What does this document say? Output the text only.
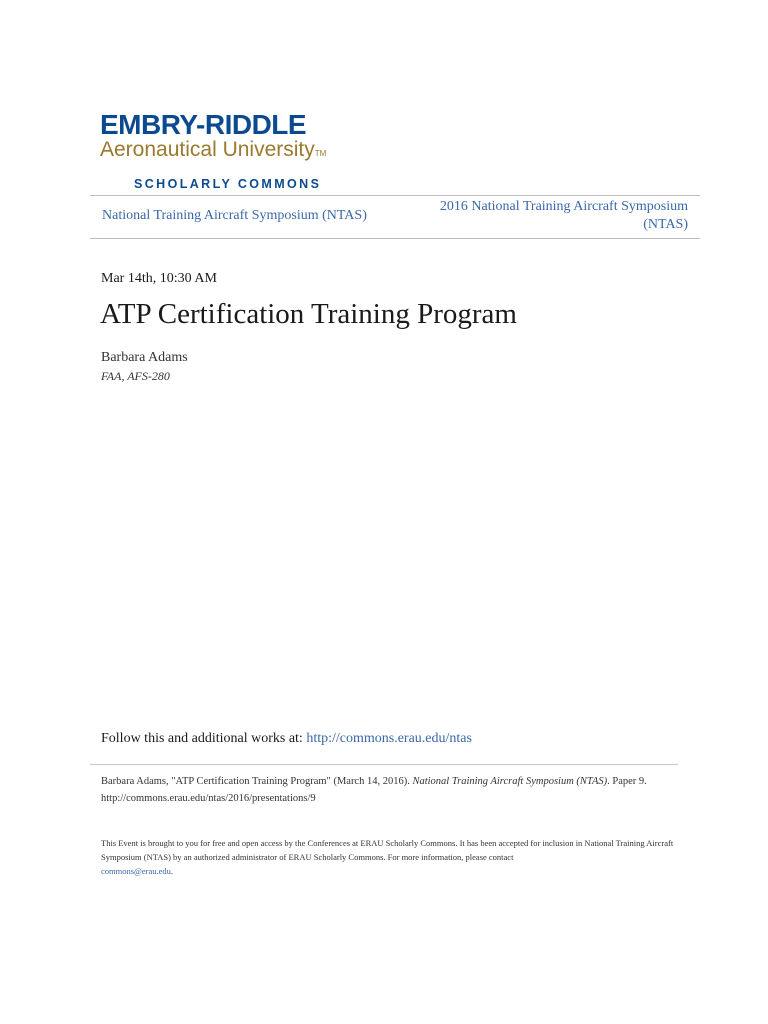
EMBRY-RIDDLE
Aeronautical UniversityTM
SCHOLARLY COMMONS
National Training Aircraft Symposium (NTAS)
2016 National Training Aircraft Symposium (NTAS)
Mar 14th, 10:30 AM
ATP Certification Training Program
Barbara Adams
FAA, AFS-280
Follow this and additional works at: http://commons.erau.edu/ntas
Barbara Adams, "ATP Certification Training Program" (March 14, 2016). National Training Aircraft Symposium (NTAS). Paper 9.
http://commons.erau.edu/ntas/2016/presentations/9
This Event is brought to you for free and open access by the Conferences at ERAU Scholarly Commons. It has been accepted for inclusion in National Training Aircraft Symposium (NTAS) by an authorized administrator of ERAU Scholarly Commons. For more information, please contact
commons@erau.edu.
